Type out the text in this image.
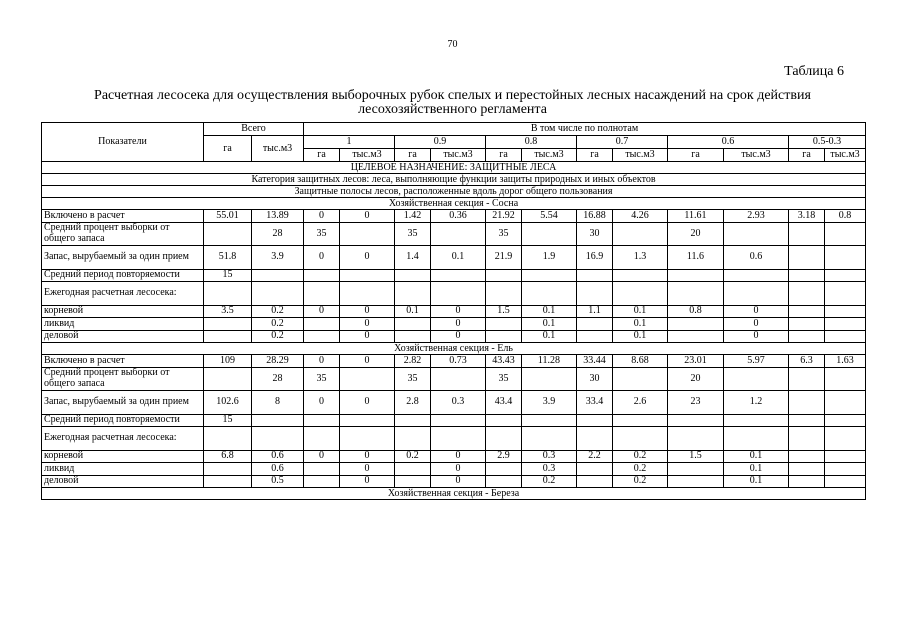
70
Таблица 6
Расчетная лесосека для осуществления выборочных рубок спелых и перестойных лесных насаждений на срок действия лесохозяйственного регламента
Показатели	Всего		В том числе по полнотам											
	га	тыс.м3	1		0.9		0.8		0.7		0.6		0.5-0.3	
			га	тыс.м3	га	тыс.м3	га	тыс.м3	га	тыс.м3	га	тыс.м3	га	тыс.м3
ЦЕЛЕВОЕ НАЗНАЧЕНИЕ: ЗАЩИТНЫЕ ЛЕСА														
Категория защитных лесов: леса, выполняющие функции защиты природных и иных объектов														
Защитные полосы лесов, расположенные вдоль дорог общего пользования														
Хозяйственная секция - Сосна														
Включено в расчет	55.01	13.89	0	0	1.42	0.36	21.92	5.54	16.88	4.26	11.61	2.93	3.18	0.8
Средний процент выборки от общего запаса		28	35		35		35		30		20			
Запас, вырубаемый за один прием	51.8	3.9	0	0	1.4	0.1	21.9	1.9	16.9	1.3	11.6	0.6		
Средний период повторяемости	15													
Ежегодная расчетная лесосека:														
корневой	3.5	0.2	0	0	0.1	0	1.5	0.1	1.1	0.1	0.8	0		
ликвид		0.2		0		0		0.1		0.1		0		
деловой		0.2		0		0		0.1		0.1		0		
Хозяйственная секция - Ель														
Включено в расчет	109	28.29	0	0	2.82	0.73	43.43	11.28	33.44	8.68	23.01	5.97	6.3	1.63
Средний процент выборки от общего запаса		28	35		35		35		30		20			
Запас, вырубаемый за один прием	102.6	8	0	0	2.8	0.3	43.4	3.9	33.4	2.6	23	1.2		
Средний период повторяемости	15													
Ежегодная расчетная лесосека:														
корневой	6.8	0.6	0	0	0.2	0	2.9	0.3	2.2	0.2	1.5	0.1		
ликвид		0.6		0		0		0.3		0.2		0.1		
деловой		0.5		0		0		0.2		0.2		0.1		
Хозяйственная секция - Береза														
